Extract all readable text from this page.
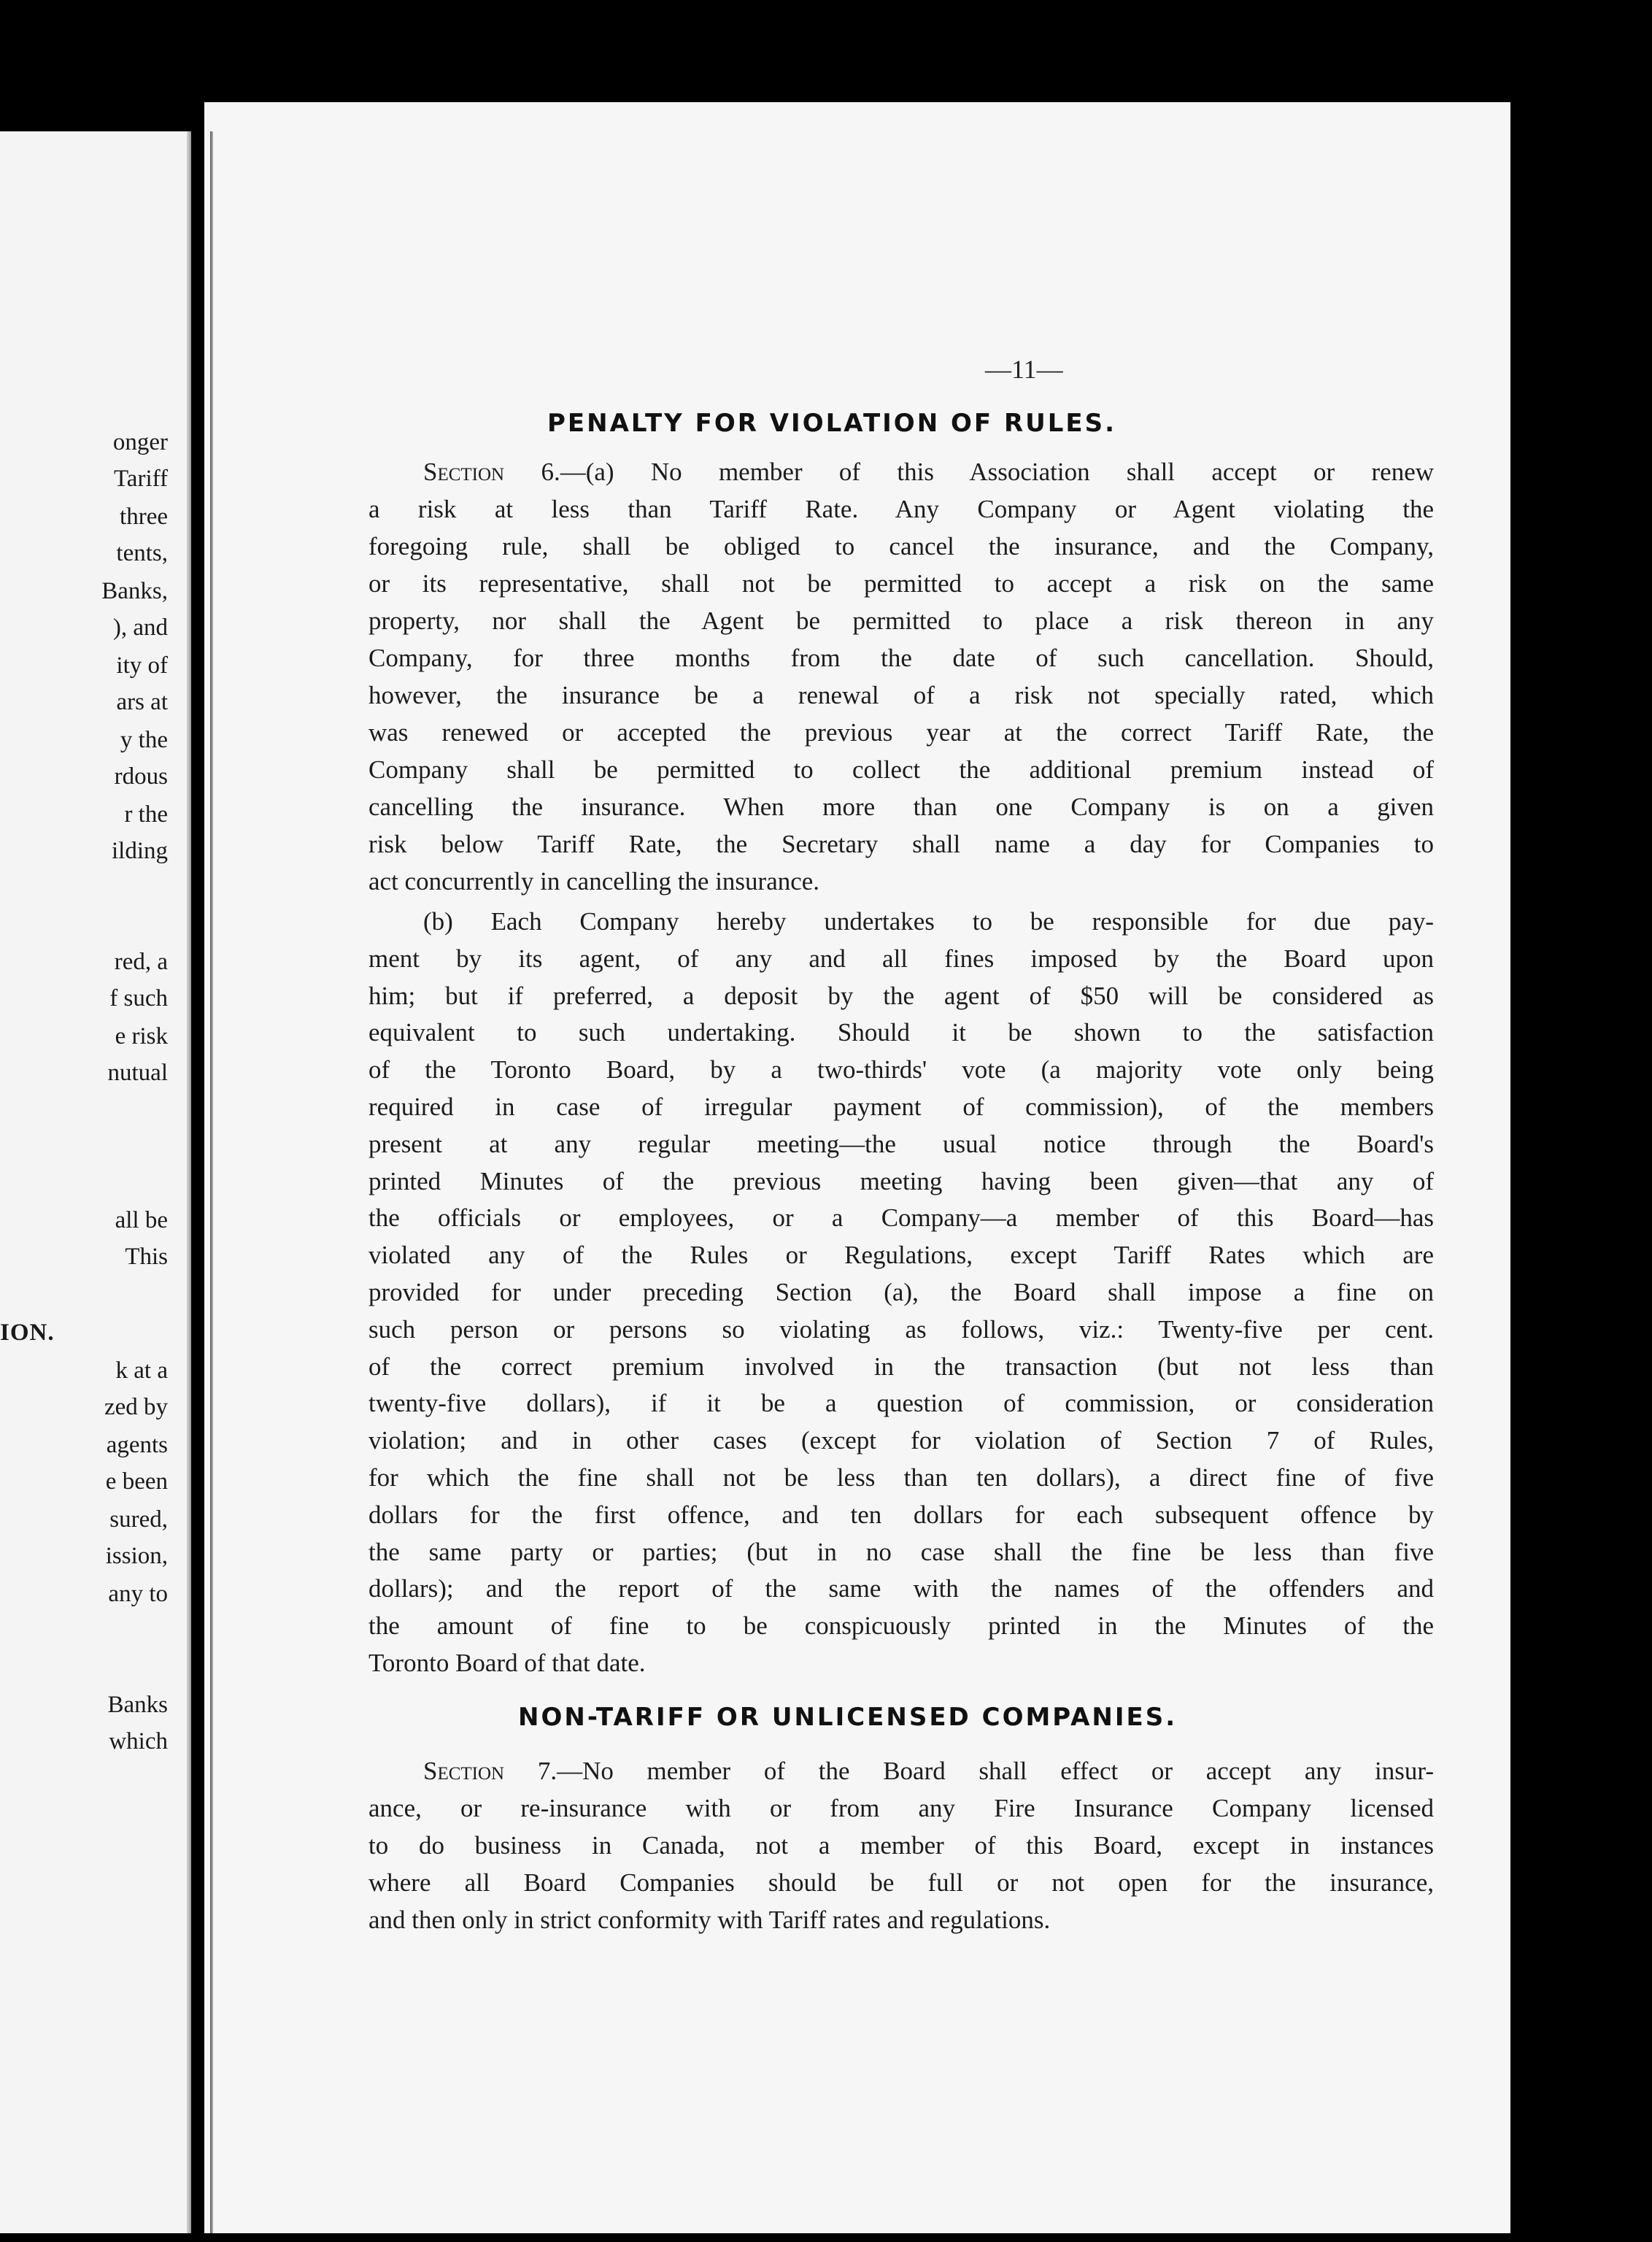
onger
Tariff
three
tents,
Banks,
), and
ity of
ars at
y the
rdous
r the
ilding
red, a
f such
e risk
nutual
all be
This
ION.
k at a
zed by
agents
e been
sured,
ission,
any to
Banks
which
—11—
PENALTY FOR VIOLATION OF RULES.
Section 6.—(a) No member of this Association shall accept or renew
a risk at less than Tariff Rate. Any Company or Agent violating the
foregoing rule, shall be obliged to cancel the insurance, and the Company,
or its representative, shall not be permitted to accept a risk on the same
property, nor shall the Agent be permitted to place a risk thereon in any
Company, for three months from the date of such cancellation. Should,
however, the insurance be a renewal of a risk not specially rated, which
was renewed or accepted the previous year at the correct Tariff Rate, the
Company shall be permitted to collect the additional premium instead of
cancelling the insurance. When more than one Company is on a given
risk below Tariff Rate, the Secretary shall name a day for Companies to
act concurrently in cancelling the insurance.
(b) Each Company hereby undertakes to be responsible for due pay-
ment by its agent, of any and all fines imposed by the Board upon
him; but if preferred, a deposit by the agent of $50 will be considered as
equivalent to such undertaking. Should it be shown to the satisfaction
of the Toronto Board, by a two-thirds' vote (a majority vote only being
required in case of irregular payment of commission), of the members
present at any regular meeting—the usual notice through the Board's
printed Minutes of the previous meeting having been given—that any of
the officials or employees, or a Company—a member of this Board—has
violated any of the Rules or Regulations, except Tariff Rates which are
provided for under preceding Section (a), the Board shall impose a fine on
such person or persons so violating as follows, viz.: Twenty-five per cent.
of the correct premium involved in the transaction (but not less than
twenty-five dollars), if it be a question of commission, or consideration
violation; and in other cases (except for violation of Section 7 of Rules,
for which the fine shall not be less than ten dollars), a direct fine of five
dollars for the first offence, and ten dollars for each subsequent offence by
the same party or parties; (but in no case shall the fine be less than five
dollars); and the report of the same with the names of the offenders and
the amount of fine to be conspicuously printed in the Minutes of the
Toronto Board of that date.
NON-TARIFF OR UNLICENSED COMPANIES.
Section 7.—No member of the Board shall effect or accept any insur-
ance, or re-insurance with or from any Fire Insurance Company licensed
to do business in Canada, not a member of this Board, except in instances
where all Board Companies should be full or not open for the insurance,
and then only in strict conformity with Tariff rates and regulations.
